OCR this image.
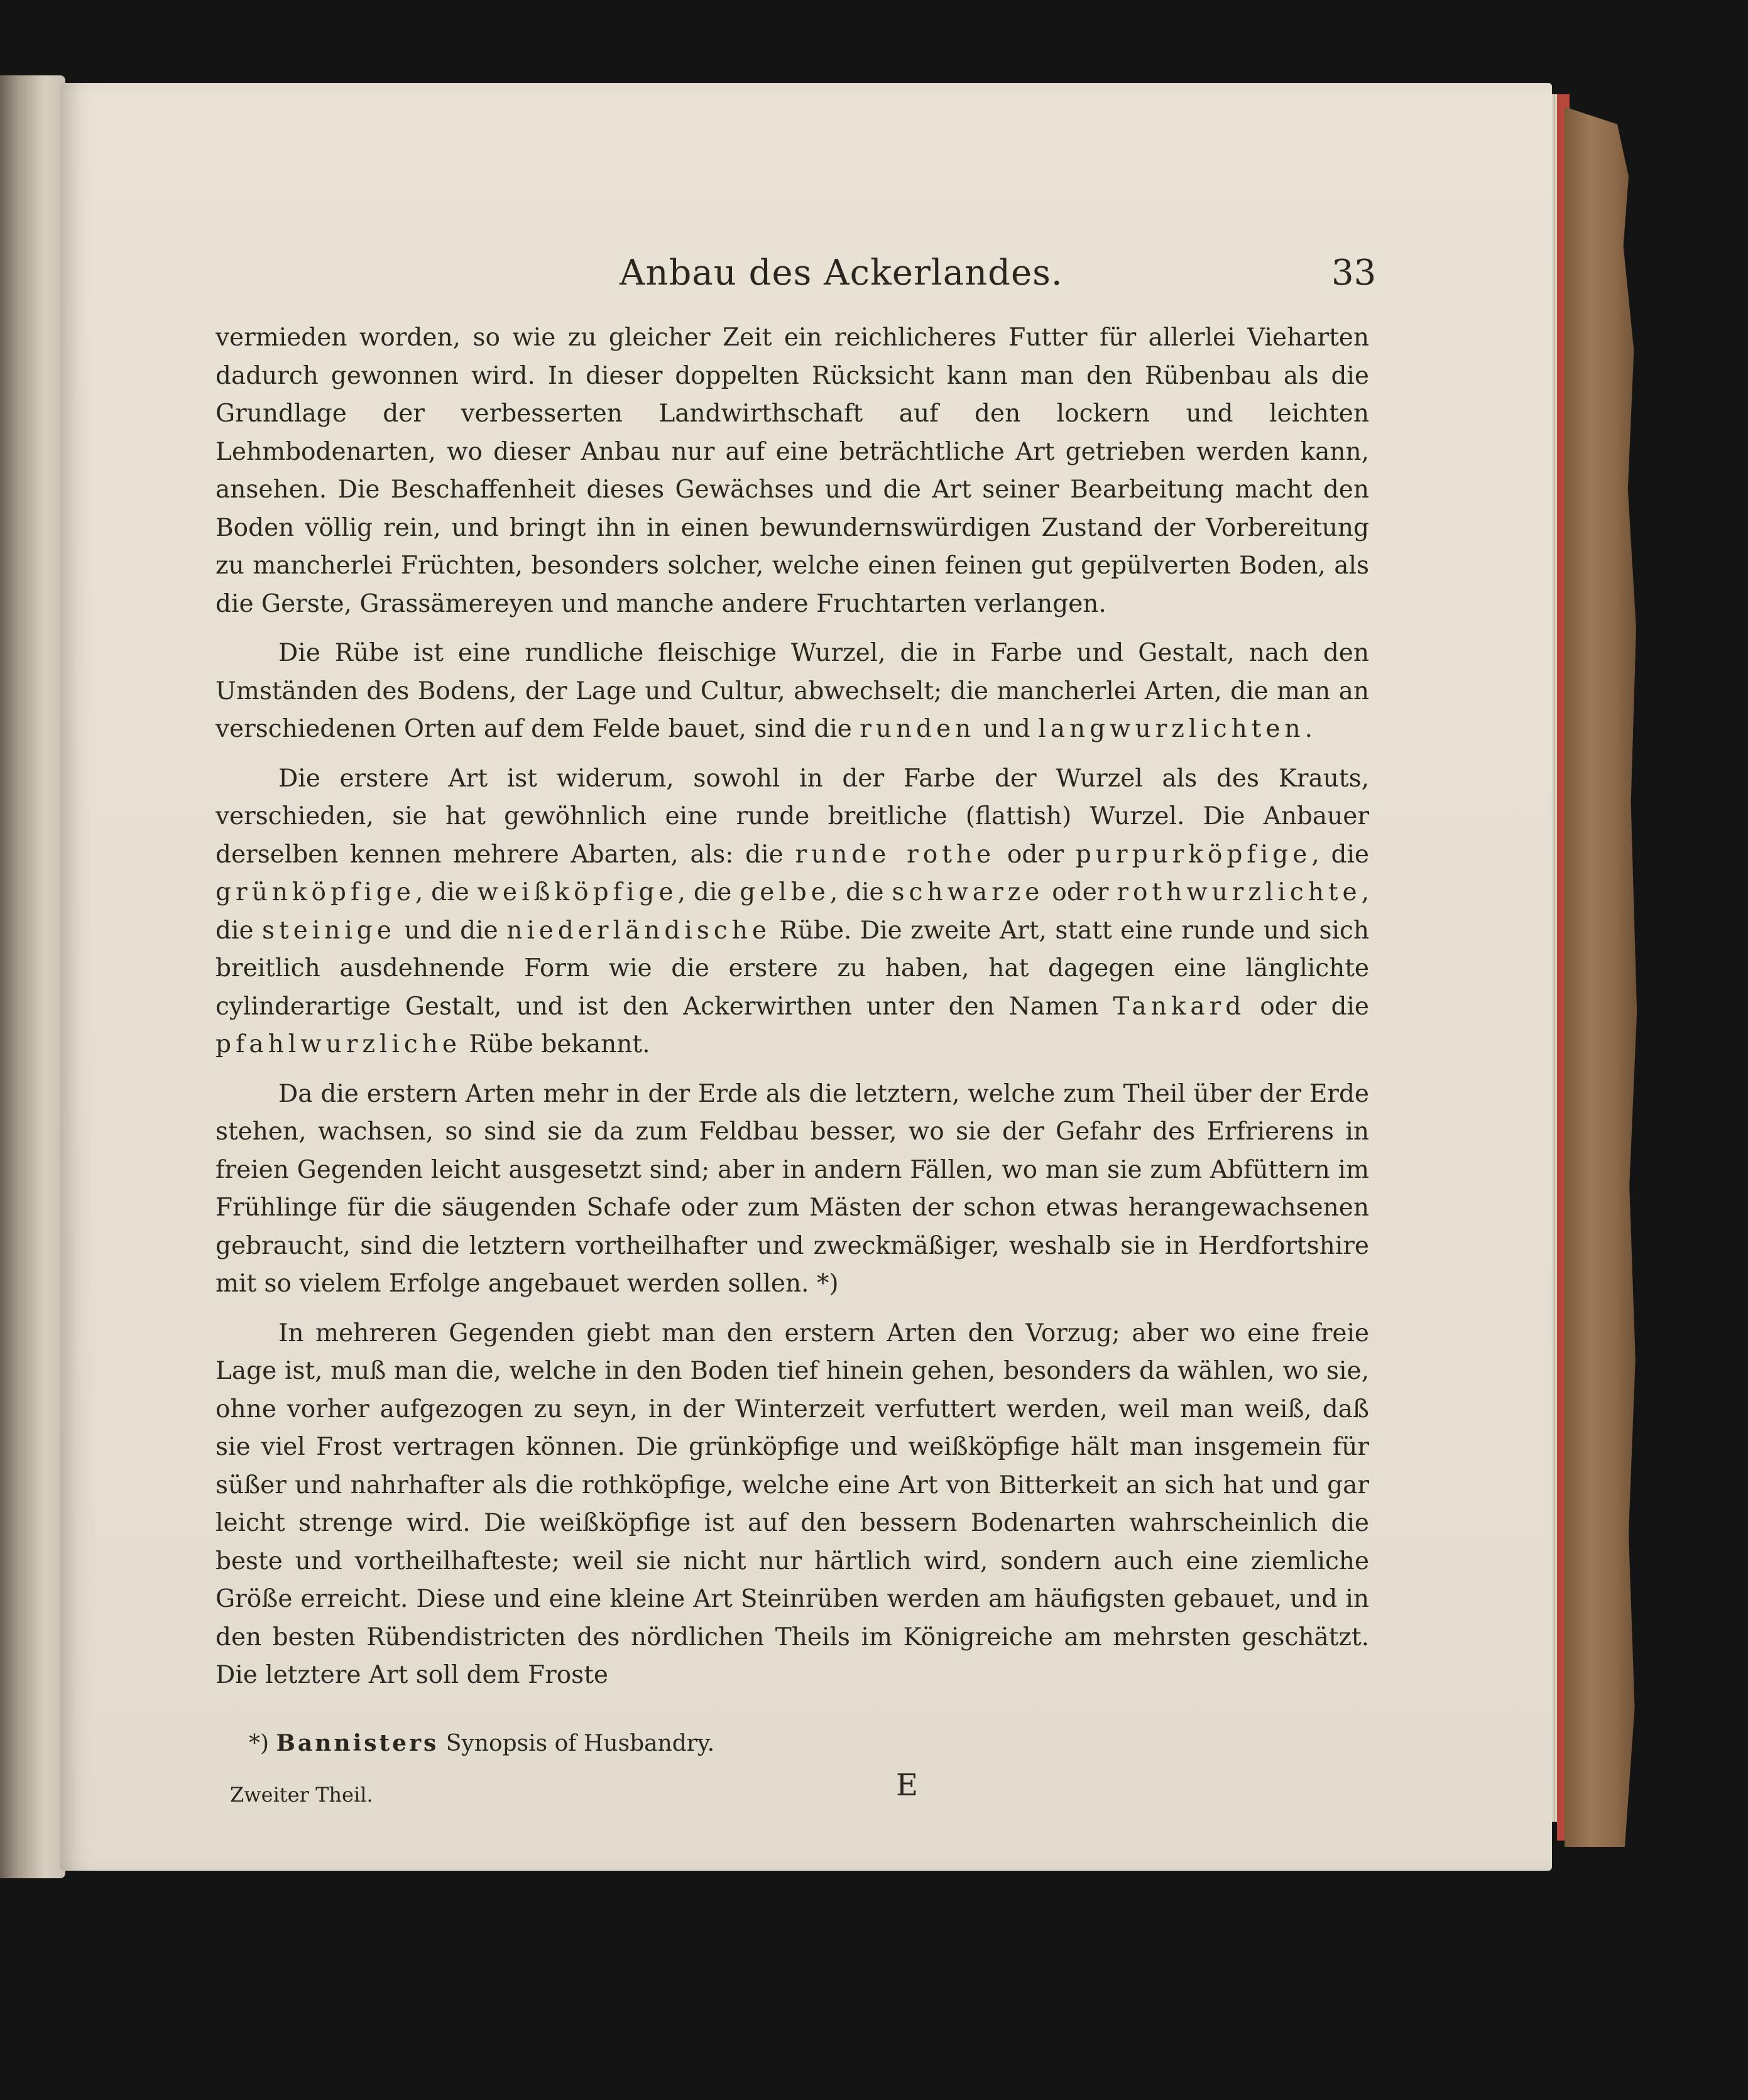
Anbau des Ackerlandes.	33

vermieden worden, so wie zu gleicher Zeit ein reichlicheres Futter für allerlei Vieharten dadurch gewonnen wird. In dieser doppelten Rücksicht kann man den Rübenbau als die Grundlage der verbesserten Landwirthschaft auf den lockern und leichten Lehmbodenarten, wo dieser Anbau nur auf eine beträchtliche Art getrieben werden kann, ansehen. Die Beschaffenheit dieses Gewächses und die Art seiner Bearbeitung macht den Boden völlig rein, und bringt ihn in einen bewundernswürdigen Zustand der Vorbereitung zu mancherlei Früchten, besonders solcher, welche einen feinen gut gepülverten Boden, als die Gerste, Grassämereyen und manche andere Fruchtarten verlangen.

Die Rübe ist eine rundliche fleischige Wurzel, die in Farbe und Gestalt, nach den Umständen des Bodens, der Lage und Cultur, abwechselt; die mancherlei Arten, die man an verschiedenen Orten auf dem Felde bauet, sind die runden und langwurzlichten.

Die erstere Art ist widerum, sowohl in der Farbe der Wurzel als des Krauts, verschieden, sie hat gewöhnlich eine runde breitliche (flattish) Wurzel. Die Anbauer derselben kennen mehrere Abarten, als: die runde rothe oder purpurköpfige, die grünköpfige, die weißköpfige, die gelbe, die schwarze oder rothwurzlichte, die steinige und die niederländische Rübe. Die zweite Art, statt eine runde und sich breitlich ausdehnende Form wie die erstere zu haben, hat dagegen eine länglichte cylinderartige Gestalt, und ist den Ackerwirthen unter den Namen Tankard oder die pfahlwurzliche Rübe bekannt.

Da die erstern Arten mehr in der Erde als die letztern, welche zum Theil über der Erde stehen, wachsen, so sind sie da zum Feldbau besser, wo sie der Gefahr des Erfrierens in freien Gegenden leicht ausgesetzt sind; aber in andern Fällen, wo man sie zum Abfüttern im Frühlinge für die säugenden Schafe oder zum Mästen der schon etwas herangewachsenen gebraucht, sind die letztern vortheilhafter und zweckmäßiger, weshalb sie in Herdfortshire mit so vielem Erfolge angebauet werden sollen. *)

In mehreren Gegenden giebt man den erstern Arten den Vorzug; aber wo eine freie Lage ist, muß man die, welche in den Boden tief hinein gehen, besonders da wählen, wo sie, ohne vorher aufgezogen zu seyn, in der Winterzeit verfuttert werden, weil man weiß, daß sie viel Frost vertragen können. Die grünköpfige und weißköpfige hält man insgemein für süßer und nahrhafter als die rothköpfige, welche eine Art von Bitterkeit an sich hat und gar leicht strenge wird. Die weißköpfige ist auf den bessern Bodenarten wahrscheinlich die beste und vortheilhafteste; weil sie nicht nur härtlich wird, sondern auch eine ziemliche Größe erreicht. Diese und eine kleine Art Steinrüben werden am häufigsten gebauet, und in den besten Rübendistricten des nördlichen Theils im Königreiche am mehrsten geschätzt. Die letztere Art soll dem Froste

*) Bannisters Synopsis of Husbandry.
Zweiter Theil.	E
